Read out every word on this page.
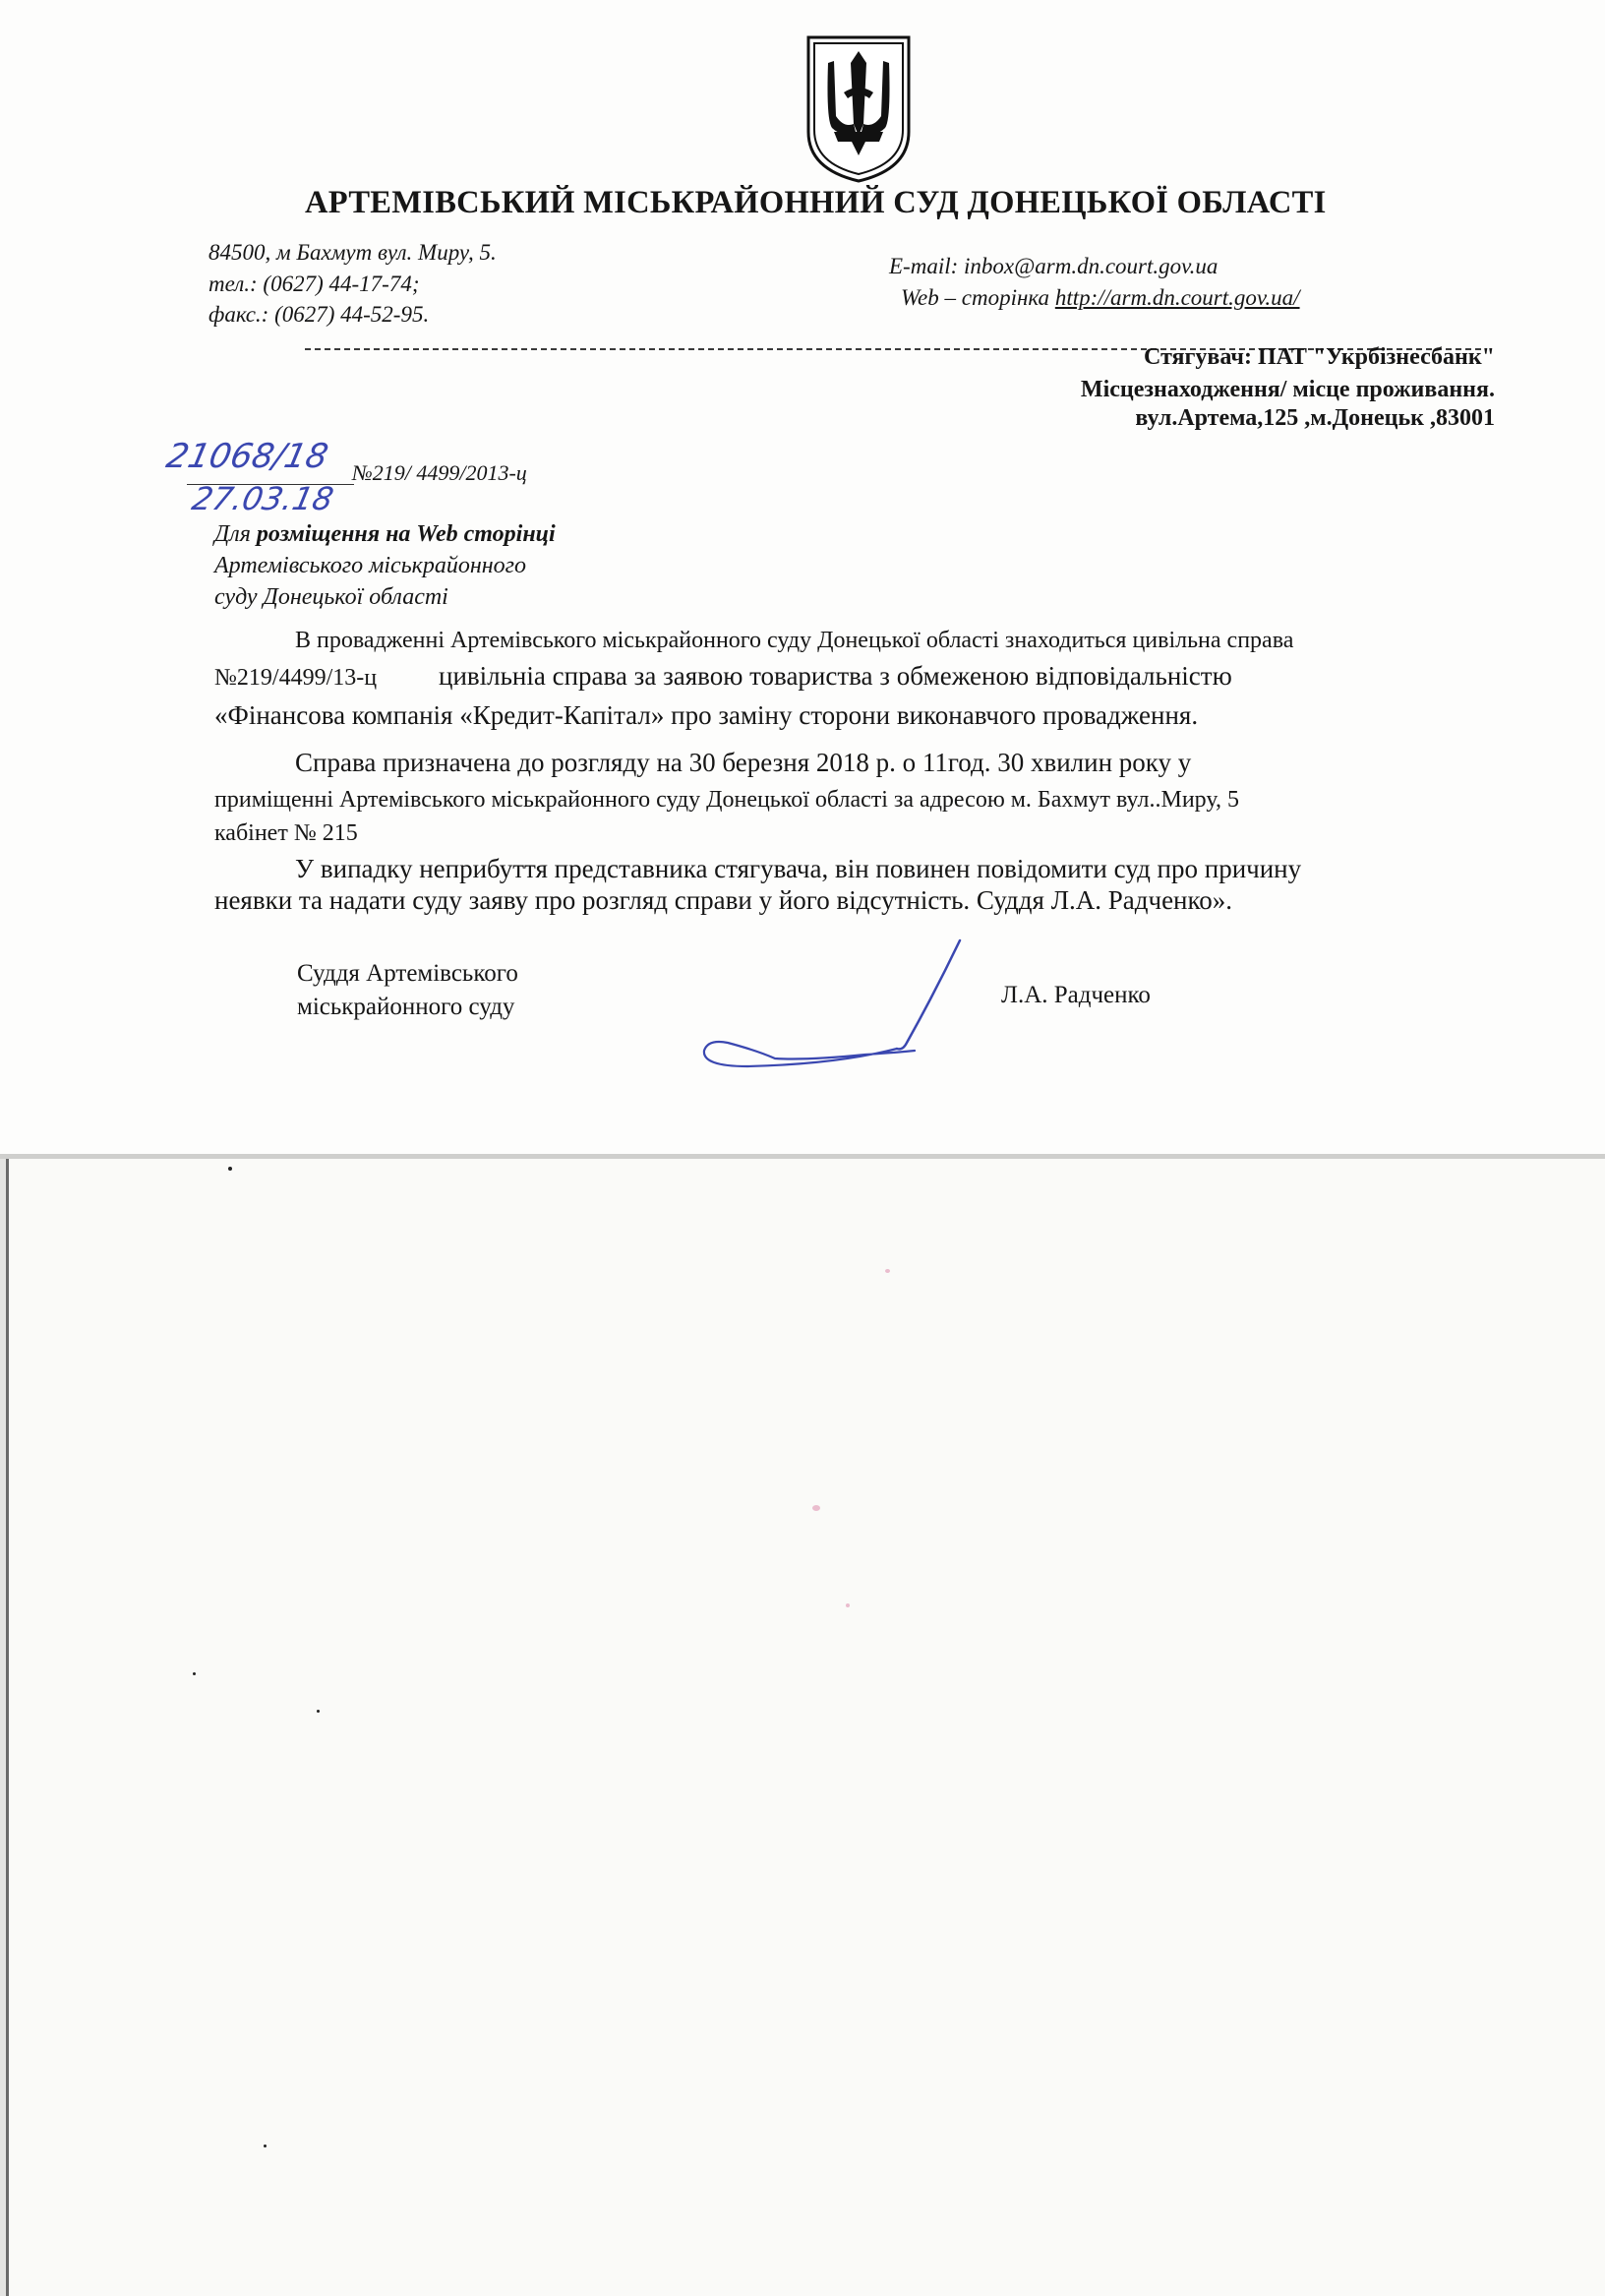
АРТЕМІВСЬКИЙ МІСЬКРАЙОННИЙ СУД ДОНЕЦЬКОЇ ОБЛАСТІ
84500, м Бахмут вул. Миру, 5.
тел.: (0627) 44-17-74;
факс.: (0627) 44-52-95.
E-mail: inbox@arm.dn.court.gov.ua
Web – сторінка http://arm.dn.court.gov.ua/
Стягувач: ПАТ "Укрбізнесбанк"
Місцезнаходження/ місце проживання.
вул.Артема,125 ,м.Донецьк ,83001
21068/18
27.03.18
№219/ 4499/2013-ц
Для розміщення на Web сторінці
Артемівського міськрайонного
суду Донецької області
В провадженні Артемівського міськрайонного суду Донецької області знаходиться цивільна справа
№219/4499/13-ц цивільніа справа за заявою товариства з обмеженою відповідальністю
«Фінансова компанія «Кредит-Капітал» про заміну сторони виконавчого провадження.
Справа призначена до розгляду на 30 березня 2018 р. о 11год. 30 хвилин року у
приміщенні Артемівського міськрайонного суду Донецької області за адресою м. Бахмут вул..Миру, 5
кабінет № 215
У випадку неприбуття представника стягувача, він повинен повідомити суд про причину
неявки та надати суду заяву про розгляд справи у його відсутність. Суддя Л.А. Радченко».
Суддя Артемівського
міськрайонного суду	Л.А. Радченко
